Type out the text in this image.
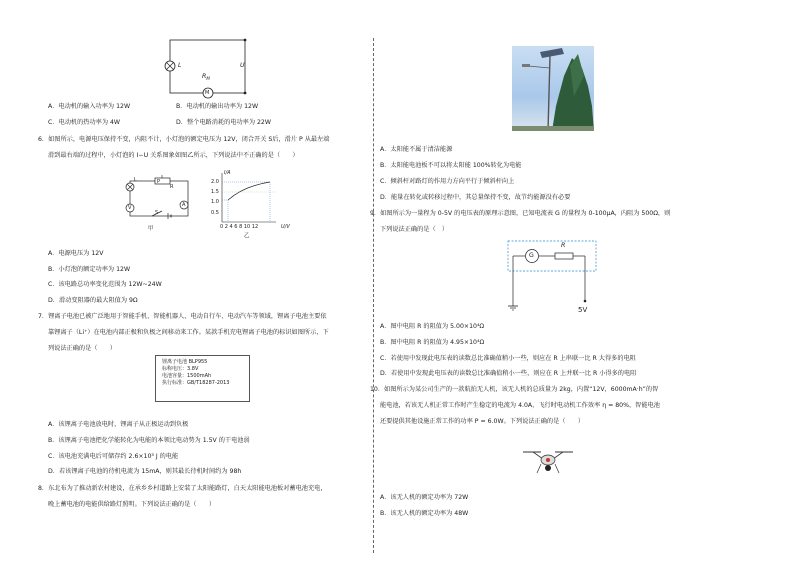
L	U
$R_M$
M
A．电动机的输入功率为 12W	B．电动机的输出功率为 12W
C．电动机的热功率为 4W	D．整个电路消耗的电功率为 22W
6．如图所示，电源电压保持不变，内阻不计，小灯泡的额定电压为 12V，闭合开关 S后，滑片 P 从最左端
滑到最右端的过程中，小灯泡的 I−U 关系图象如图乙所示，下列说法中不正确的是（　　）
L	P
R
V	A
S
甲
I/A
2.0
1.5
1.0
0.5
0 2 4 6 8 10 12	U/V
乙
A．电源电压为 12V
B．小灯泡的额定功率为 12W
C．该电路总功率变化范围为 12W~24W
D．滑动变阻器的最大阻值为 9Ω
7．锂离子电池已被广泛地用于智能手机、智能机器人、电动自行车、电动汽车等领域，锂离子电池主要依
靠锂离子（Li⁺）在电池内部正极和负极之间移动来工作。某款手机充电锂离子电池的标识如图所示，下
列说法正确的是（　　）
锂离子电池 BLP955
标称电压：3.8V
电池容量：1500mAh
执行标准：GB/T18287-2013
A．该锂离子电池放电时，锂离子从正极运动到负极
B．该锂离子电池把化学能转化为电能的本领比电动势为 1.5V 的干电池弱
C．该电池充满电后可储存约 2.6×10³ J 的电能
D．若该锂离子电池的待机电流为 15mA，则其最长待机时间约为 98h
8．东北布为了推动新农村建设，在承乡乡村道路上安装了太阳能路灯，白天太阳能电池板对蓄电池充电，
晚上蓄电池的电能供给路灯照明。下列说法正确的是（　　）
A．太阳能不属于清洁能源
B．太阳能电池板不可以将太阳能 100%转化为电能
C．倾斜杆对路灯的作用力方向平行于倾斜杆向上
D．能量在转化或转移过程中，其总量保持不变，故节约能源没有必要
9．如图所示为一量程为 0-5V 的电压表的原理示意图，已知电流表 G 的量程为 0-100μA，内阻为 500Ω，则
下列说法正确的是（　）
G
R
5V
A．图中电阻 R 的阻值为 5.00×10⁴Ω
B．图中电阻 R 的阻值为 4.95×10⁴Ω
C．若使用中发现此电压表的读数总比准确值稍小一些，则应在 R 上串联一比 R 大得多的电阻
D．若使用中发现此电压表的读数总比准确值稍小一些，则应在 R 上并联一比 R 小得多的电阻
10．如图所示为某公司生产的一款航拍无人机，该无人机的总质量为 2kg，内置“12V，6000mA·h”的智
能电池，若该无人机正常工作时产生稳定的电流为 4.0A，飞行时电动机工作效率 η = 80%，智能电池
还要提供其他设施正常工作的功率 P = 6.0W。下列说法正确的是（　　）
A．该无人机的额定功率为 72W
B．该无人机的额定功率为 48W
